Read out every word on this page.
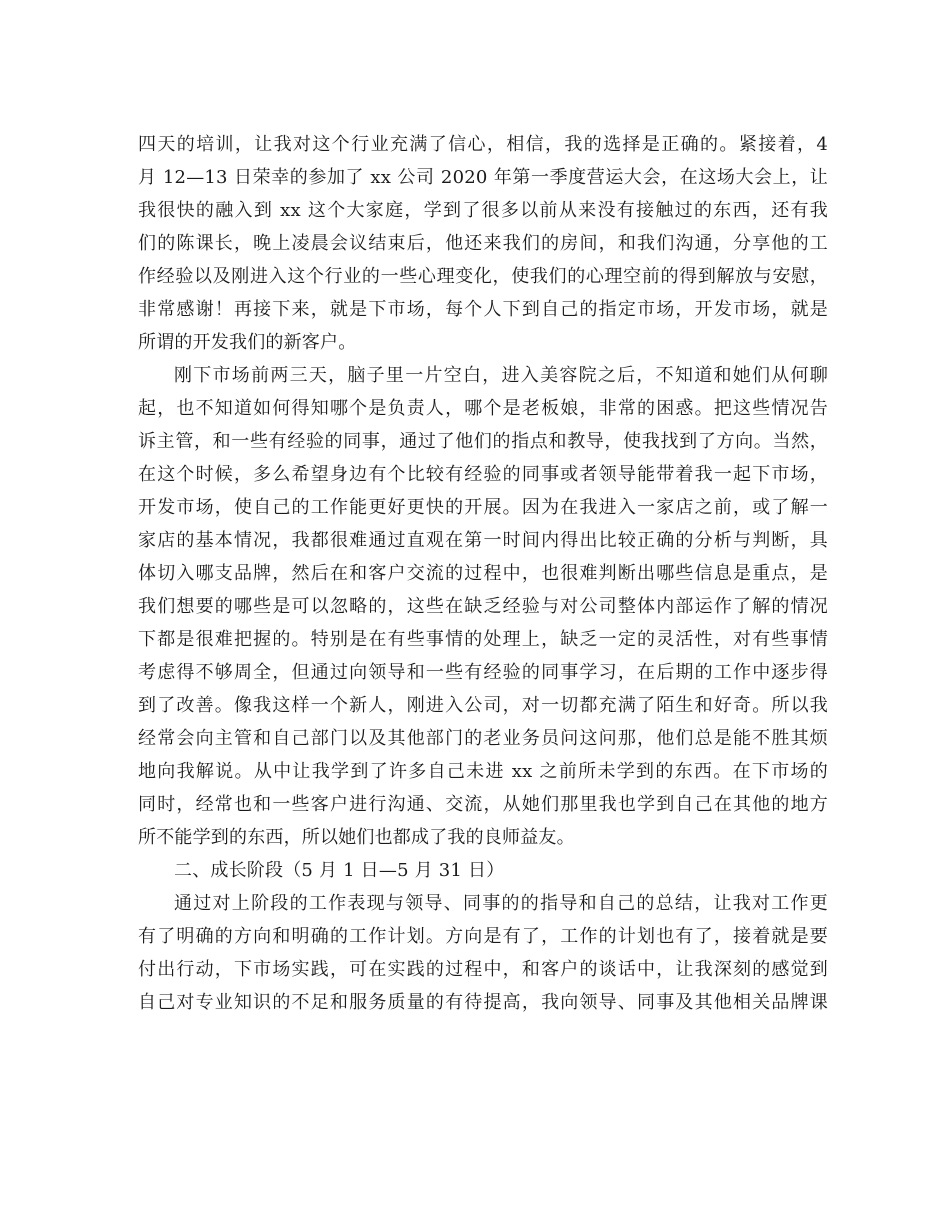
四天的培训，让我对这个行业充满了信心，相信，我的选择是正确的。紧接着，4
月 12—13 日荣幸的参加了 xx 公司 2020 年第一季度营运大会，在这场大会上，让
我很快的融入到 xx 这个大家庭，学到了很多以前从来没有接触过的东西，还有我
们的陈课长，晚上凌晨会议结束后，他还来我们的房间，和我们沟通，分享他的工
作经验以及刚进入这个行业的一些心理变化，使我们的心理空前的得到解放与安慰，
非常感谢！再接下来，就是下市场，每个人下到自己的指定市场，开发市场，就是
所谓的开发我们的新客户。
刚下市场前两三天，脑子里一片空白，进入美容院之后，不知道和她们从何聊
起，也不知道如何得知哪个是负责人，哪个是老板娘，非常的困惑。把这些情况告
诉主管，和一些有经验的同事，通过了他们的指点和教导，使我找到了方向。当然，
在这个时候，多么希望身边有个比较有经验的同事或者领导能带着我一起下市场，
开发市场，使自己的工作能更好更快的开展。因为在我进入一家店之前，或了解一
家店的基本情况，我都很难通过直观在第一时间内得出比较正确的分析与判断，具
体切入哪支品牌，然后在和客户交流的过程中，也很难判断出哪些信息是重点，是
我们想要的哪些是可以忽略的，这些在缺乏经验与对公司整体内部运作了解的情况
下都是很难把握的。特别是在有些事情的处理上，缺乏一定的灵活性，对有些事情
考虑得不够周全，但通过向领导和一些有经验的同事学习，在后期的工作中逐步得
到了改善。像我这样一个新人，刚进入公司，对一切都充满了陌生和好奇。所以我
经常会向主管和自己部门以及其他部门的老业务员问这问那，他们总是能不胜其烦
地向我解说。从中让我学到了许多自己未进 xx 之前所未学到的东西。在下市场的
同时，经常也和一些客户进行沟通、交流，从她们那里我也学到自己在其他的地方
所不能学到的东西，所以她们也都成了我的良师益友。
二、成长阶段（5 月 1 日—5 月 31 日）
通过对上阶段的工作表现与领导、同事的的指导和自己的总结，让我对工作更
有了明确的方向和明确的工作计划。方向是有了，工作的计划也有了，接着就是要
付出行动，下市场实践，可在实践的过程中，和客户的谈话中，让我深刻的感觉到
自己对专业知识的不足和服务质量的有待提高，我向领导、同事及其他相关品牌课
